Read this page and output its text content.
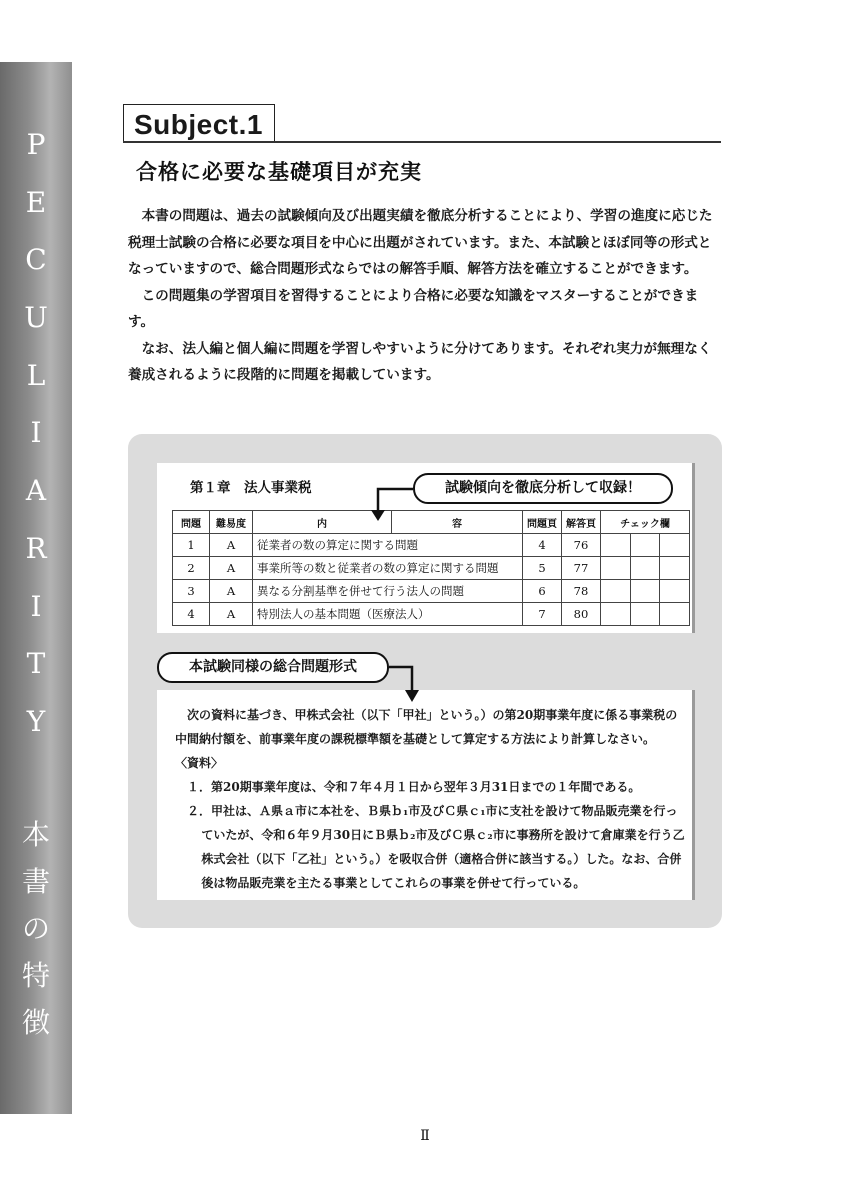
P
E
C
U
L
I
A
R
I
T
Y
本
書
の
特
徴
Subject.1
合格に必要な基礎項目が充実

本書の問題は、過去の試験傾向及び出題実績を徹底分析することにより、学習の進度に応じた税理士試験の合格に必要な項目を中心に出題がされています。また、本試験とほぼ同等の形式となっていますので、総合問題形式ならではの解答手順、解答方法を確立することができます。

この問題集の学習項目を習得することにより合格に必要な知識をマスターすることができます。

なお、法人編と個人編に問題を学習しやすいように分けてあります。それぞれ実力が無理なく養成されるように段階的に問題を掲載しています。

第１章　法人事業税
問題	難易度	内	容	問題頁	解答頁	チェック欄		
1	A	従業者の数の算定に関する問題		4	76			
2	A	事業所等の数と従業者の数の算定に関する問題		5	77			
3	A	異なる分割基準を併せて行う法人の問題		6	78			
4	A	特別法人の基本問題（医療法人）		7	80			

次の資料に基づき、甲株式会社（以下「甲社」という。）の第20期事業年度に係る事業税の中間納付額を、前事業年度の課税標準額を基礎として算定する方法により計算しなさい。

〈資料〉

１．第20期事業年度は、令和７年４月１日から翌年３月31日までの１年間である。

２．甲社は、Ａ県ａ市に本社を、Ｂ県ｂ₁市及びＣ県ｃ₁市に支社を設けて物品販売業を行っていたが、令和６年９月30日にＢ県ｂ₂市及びＣ県ｃ₂市に事務所を設けて倉庫業を行う乙株式会社（以下「乙社」という。）を吸収合併（適格合併に該当する。）した。なお、合併後は物品販売業を主たる事業としてこれらの事業を併せて行っている。

試験傾向を徹底分析して収録！
本試験同様の総合問題形式
Ⅱ
